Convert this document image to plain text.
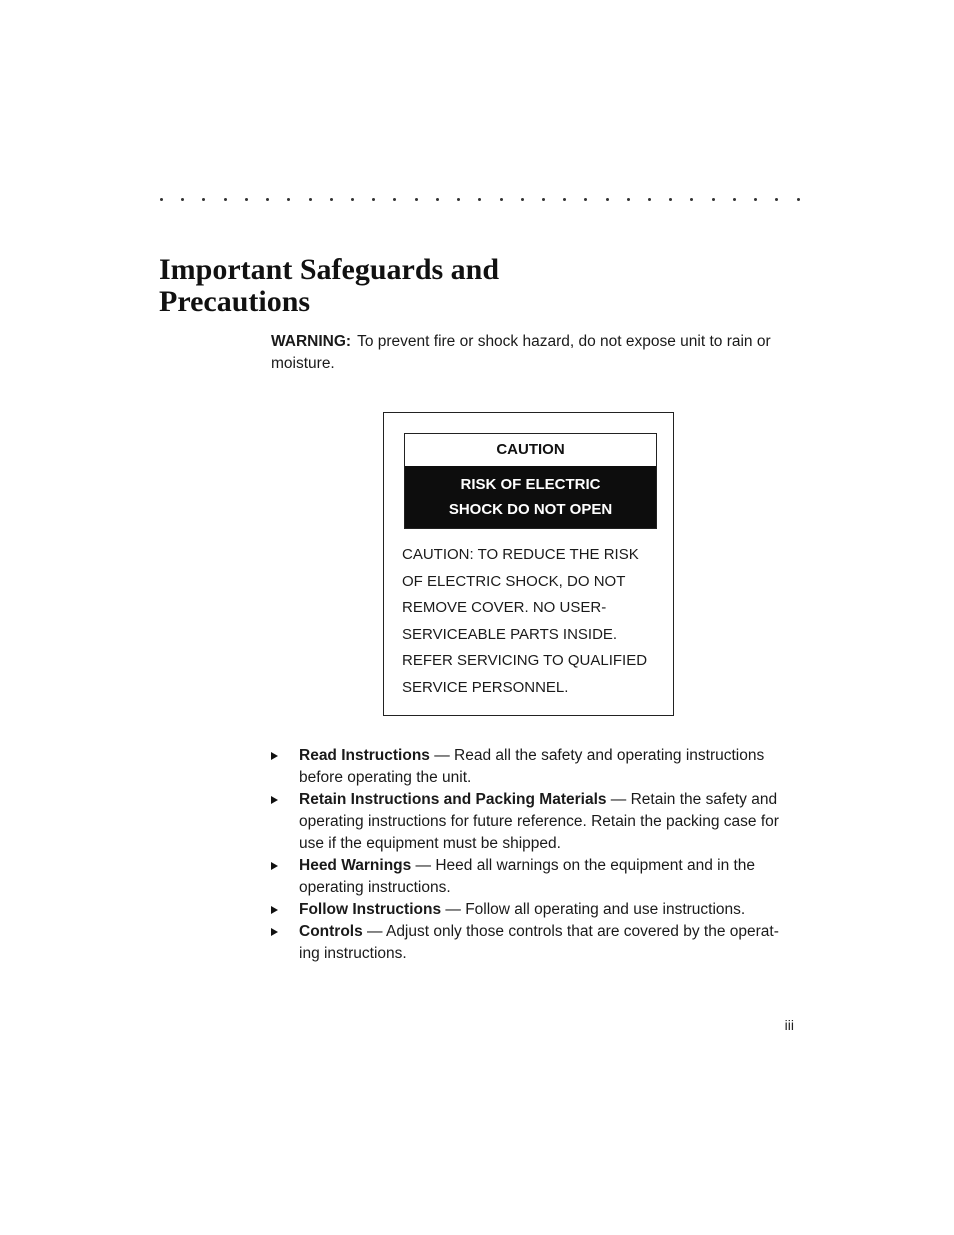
Important Safeguards and
Precautions

WARNING: To prevent fire or shock hazard, do not expose unit to rain or moisture.

CAUTION
RISK OF ELECTRIC
SHOCK DO NOT OPEN
CAUTION: TO REDUCE THE RISK
OF ELECTRIC SHOCK, DO NOT
REMOVE COVER. NO USER-
SERVICEABLE PARTS INSIDE.
REFER SERVICING TO QUALIFIED
SERVICE PERSONNEL.
Read Instructions — Read all the safety and operating instructions before operating the unit.
Retain Instructions and Packing Materials — Retain the safety and operating instructions for future reference. Retain the packing case for use if the equipment must be shipped.
Heed Warnings — Heed all warnings on the equipment and in the operating instructions.
Follow Instructions — Follow all operating and use instructions.
Controls — Adjust only those controls that are covered by the operat-ing instructions.
iii
